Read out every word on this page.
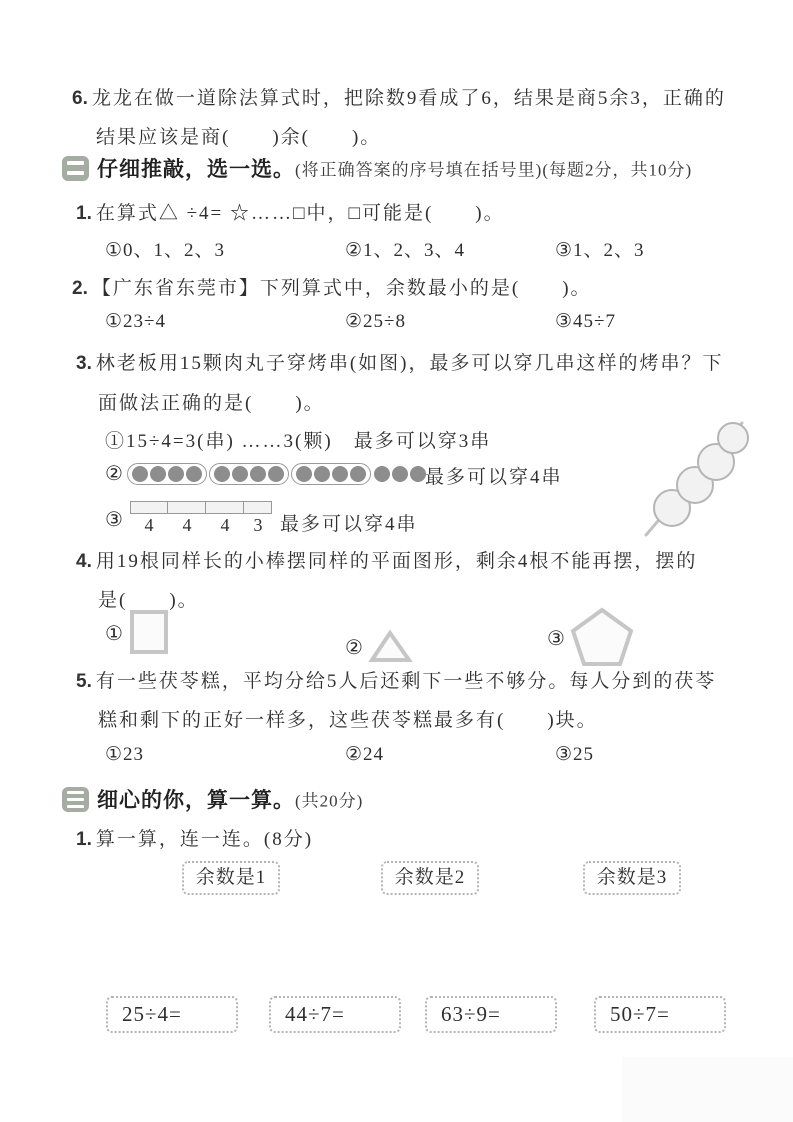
6. 龙龙在做一道除法算式时，把除数9看成了6，结果是商5余3，正确的
结果应该是商(　　)余(　　)。
仔细推敲，选一选。(将正确答案的序号填在括号里)(每题2分，共10分)
1. 在算式△ ÷4= ☆……□中，□可能是(　　)。
①0、1、2、3	②1、2、3、4	③1、2、3
2. 【广东省东莞市】下列算式中，余数最小的是(　　)。
①23÷4	②25÷8	③45÷7
3. 林老板用15颗肉丸子穿烤串(如图)，最多可以穿几串这样的烤串？下
面做法正确的是(　　)。
①15÷4=3(串) ……3(颗)　最多可以穿3串
②	最多可以穿4串
③ 4 4 4 3 最多可以穿4串
4. 用19根同样长的小棒摆同样的平面图形，剩余4根不能再摆，摆的
是(　　)。
①
②	③
5. 有一些茯苓糕，平均分给5人后还剩下一些不够分。每人分到的茯苓
糕和剩下的正好一样多，这些茯苓糕最多有(　　)块。
①23	②24	③25
细心的你，算一算。(共20分)
1. 算一算，连一连。(8分)
余数是1	余数是2	余数是3
25÷4=	44÷7=	63÷9=	50÷7=
